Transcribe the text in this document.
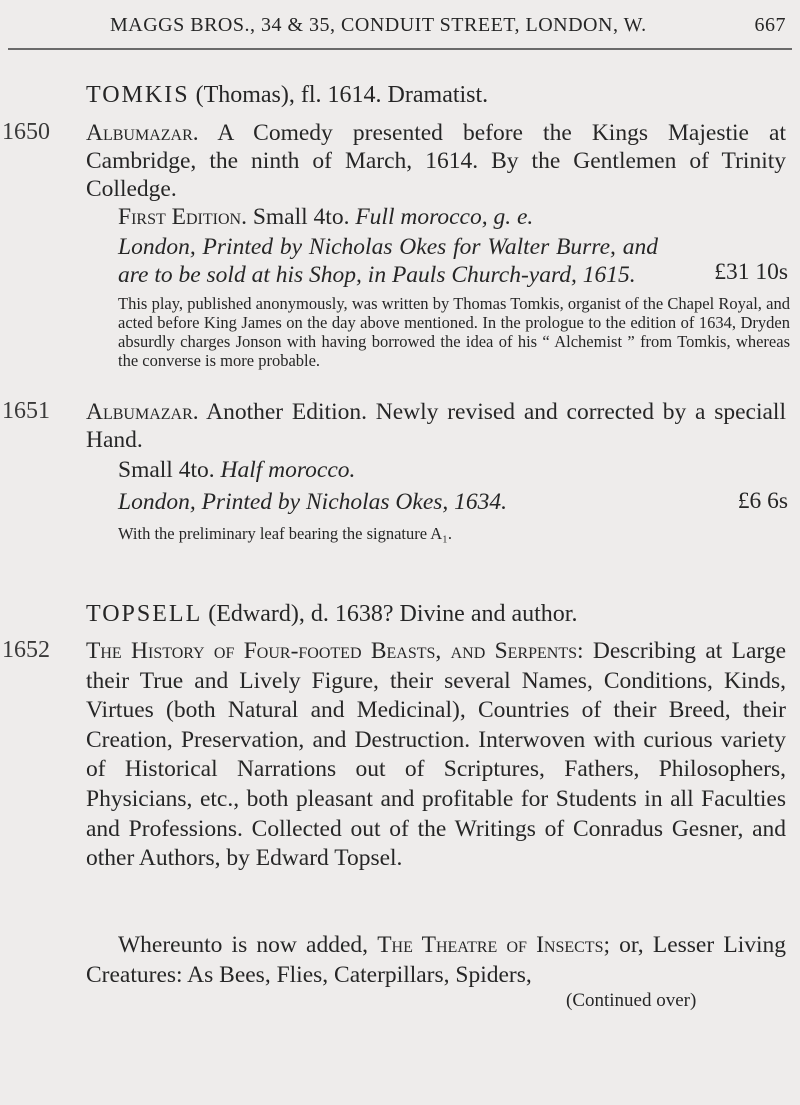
MAGGS BROS., 34 & 35, CONDUIT STREET, LONDON, W.	667
TOMKIS (Thomas), fl. 1614. Dramatist.
1650 Albumazar. A Comedy presented before the Kings Majestie at Cambridge, the ninth of March, 1614. By the Gentlemen of Trinity Colledge.
First Edition. Small 4to. Full morocco, g. e.
London, Printed by Nicholas Okes for Walter Burre, and are to be sold at his Shop, in Pauls Church-yard, 1615.	£31 10s
This play, published anonymously, was written by Thomas Tomkis, organist of the Chapel Royal, and acted before King James on the day above mentioned. In the prologue to the edition of 1634, Dryden absurdly charges Jonson with having borrowed the idea of his “ Alchemist ” from Tomkis, whereas the converse is more probable.
1651 Albumazar. Another Edition. Newly revised and corrected by a speciall Hand.
Small 4to. Half morocco.
London, Printed by Nicholas Okes, 1634.	£6 6s
With the preliminary leaf bearing the signature A₁.
TOPSELL (Edward), d. 1638? Divine and author.
1652 The History of Four-footed Beasts, and Serpents: Describing at Large their True and Lively Figure, their several Names, Conditions, Kinds, Virtues (both Natural and Medicinal), Countries of their Breed, their Creation, Preservation, and Destruction. Interwoven with curious variety of Historical Narrations out of Scriptures, Fathers, Philosophers, Physicians, etc., both pleasant and profitable for Students in all Faculties and Professions. Collected out of the Writings of Conradus Gesner, and other Authors, by Edward Topsel.
Whereunto is now added, The Theatre of Insects; or, Lesser Living Creatures: As Bees, Flies, Caterpillars, Spiders,
(Continued over)
